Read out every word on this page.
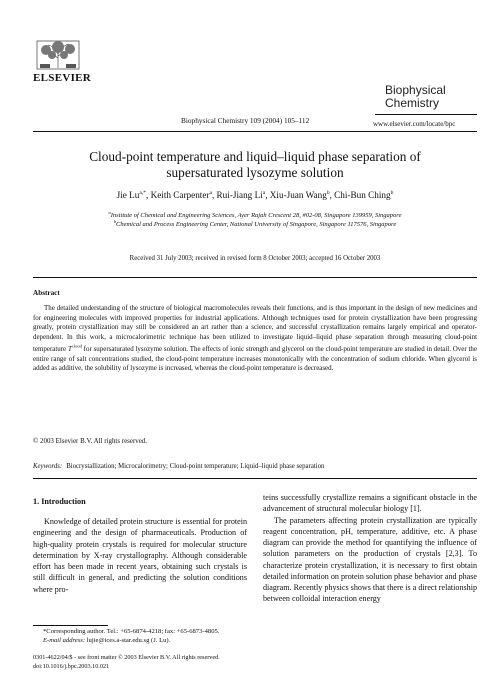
ELSEVIER
Biophysical Chemistry 109 (2004) 105–112
Biophysical
Chemistry
www.elsevier.com/locate/bpc
Cloud-point temperature and liquid–liquid phase separation of
supersaturated lysozyme solution
Jie $Lu^{a,*}$, Keith Carpenter$^a$, Rui-Jiang Li$^a$, Xiu-Juan Wang$^b$, Chi-Bun Ching$^b$
$^a$Institute of Chemical and Engineering Sciences, Ayer Rajah Crescent 28, #02-08, Singapore 139959, Singapore
$^b$Chemical and Process Engineering Center, National University of Singapore, Singapore 117576, Singapore
Received 31 July 2003; received in revised form 8 October 2003; accepted 16 October 2003
Abstract
The detailed understanding of the structure of biological macromolecules reveals their functions, and is thus important in the design of new medicines and for engineering molecules with improved properties for industrial applications. Although techniques used for protein crystallization have been progressing greatly, protein crystallization may still be considered an art rather than a science, and successful crystallization remains largely empirical and operator-dependent. In this work, a microcalorimetric technique has been utilized to investigate liquid–liquid phase separation through measuring cloud-point temperature $T^{cloud}$ for supersaturated lysozyme solution. The effects of ionic strength and glycerol on the cloud-point temperature are studied in detail. Over the entire range of salt concentrations studied, the cloud-point temperature increases monotonically with the concentration of sodium chloride. When glycerol is added as additive, the solubility of lysozyme is increased, whereas the cloud-point temperature is decreased.
© 2003 Elsevier B.V. All rights reserved.
Keywords: Biocrystallization; Microcalorimetry; Cloud-point temperature; Liquid–liquid phase separation
1. Introduction

Knowledge of detailed protein structure is essential for protein engineering and the design of pharmaceuticals. Production of high-quality protein crystals is required for molecular structure determination by X-ray crystallography. Although considerable effort has been made in recent years, obtaining such crystals is still difficult in general, and predicting the solution conditions where pro-

teins successfully crystallize remains a significant obstacle in the advancement of structural molecular biology [1].

The parameters affecting protein crystallization are typically reagent concentration, pH, temperature, additive, etc. A phase diagram can provide the method for quantifying the influence of solution parameters on the production of crystals [2,3]. To characterize protein crystallization, it is necessary to first obtain detailed information on protein solution phase behavior and phase diagram. Recently physics shows that there is a direct relationship between colloidal interaction energy

*Corresponding author. Tel.: +65-6874-4218; fax: +65-6873-4805.
E-mail address: lujie@ices.a-star.edu.sg (J. Lu).
0301-4622/04/$ - see front matter © 2003 Elsevier B.V. All rights reserved.
doi:10.1016/j.bpc.2003.10.021
